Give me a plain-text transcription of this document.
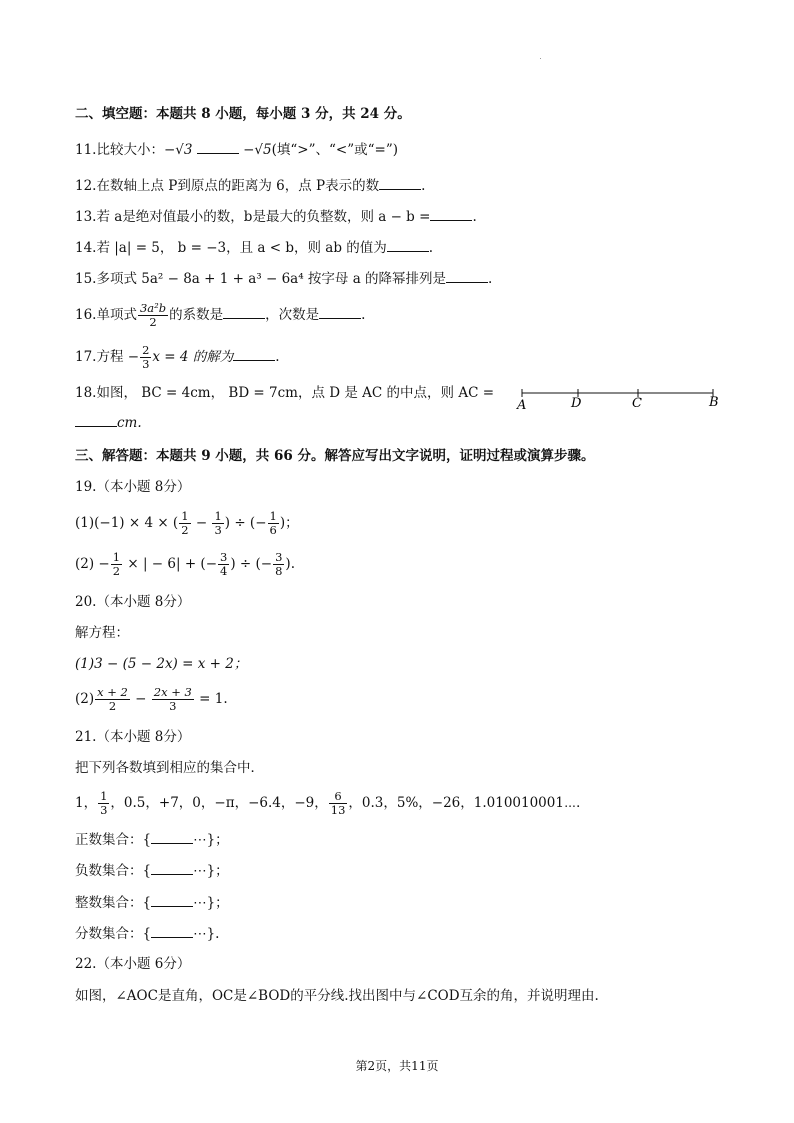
二、填空题：本题共 8 小题，每小题 3 分，共 24 分。
11.比较大小：−√3	−√5(填“>”、“<”或“=”)
12.在数轴上点 P到原点的距离为 6，点 P表示的数	.
13.若 a是绝对值最小的数，b是最大的负整数，则 a − b =	.
14.若 |a| = 5， b = −3，且 a < b，则 ab 的值为	.
15.多项式 5a² − 8a + 1 + a³ − 6a⁴ 按字母 a 的降幂排列是	.
16.单项式 $\frac{\text{3a²b}}{2}$ 的系数是	，次数是	.
17.方程 − $\frac{2}{3}$ x = 4 的解为	.
18.如图， BC = 4cm， BD = 7cm，点 D 是 AC 的中点，则 AC =
cm.
A	D	C	B
三、解答题：本题共 9 小题，共 66 分。解答应写出文字说明，证明过程或演算步骤。
19.（本小题 8分）
(1)(−1) × 4 × ( $\frac{1}{2} - \frac{1}{3}$ ) ÷ (− $\frac{1}{6}$ )；
$(2) - \frac{1}{2}$ × | − 6| + (− $\frac{3}{4}$ ) ÷ (− $\frac{3}{8}$ ).
20.（本小题 8分）
解方程：
(1)3 − (5 − 2x) = x + 2；
$(2) \frac{x + 2}{2} - \frac{2x + 3}{3} = 1$.
21.（本小题 8分）
把下列各数填到相应的集合中．
1， $\frac{1}{3}$ ，0.5，+7，0，−π，−6.4，−9， $\frac{6}{13}$ ，0.3，5%，−26，1.010010001⋯．
正数集合：{	⋯}；
负数集合：{	⋯}；
整数集合：{	⋯}；
分数集合：{	⋯}.
22.（本小题 6分）
如图，∠AOC是直角，OC是∠BOD的平分线.找出图中与∠COD互余的角，并说明理由.
第2页，共11页
